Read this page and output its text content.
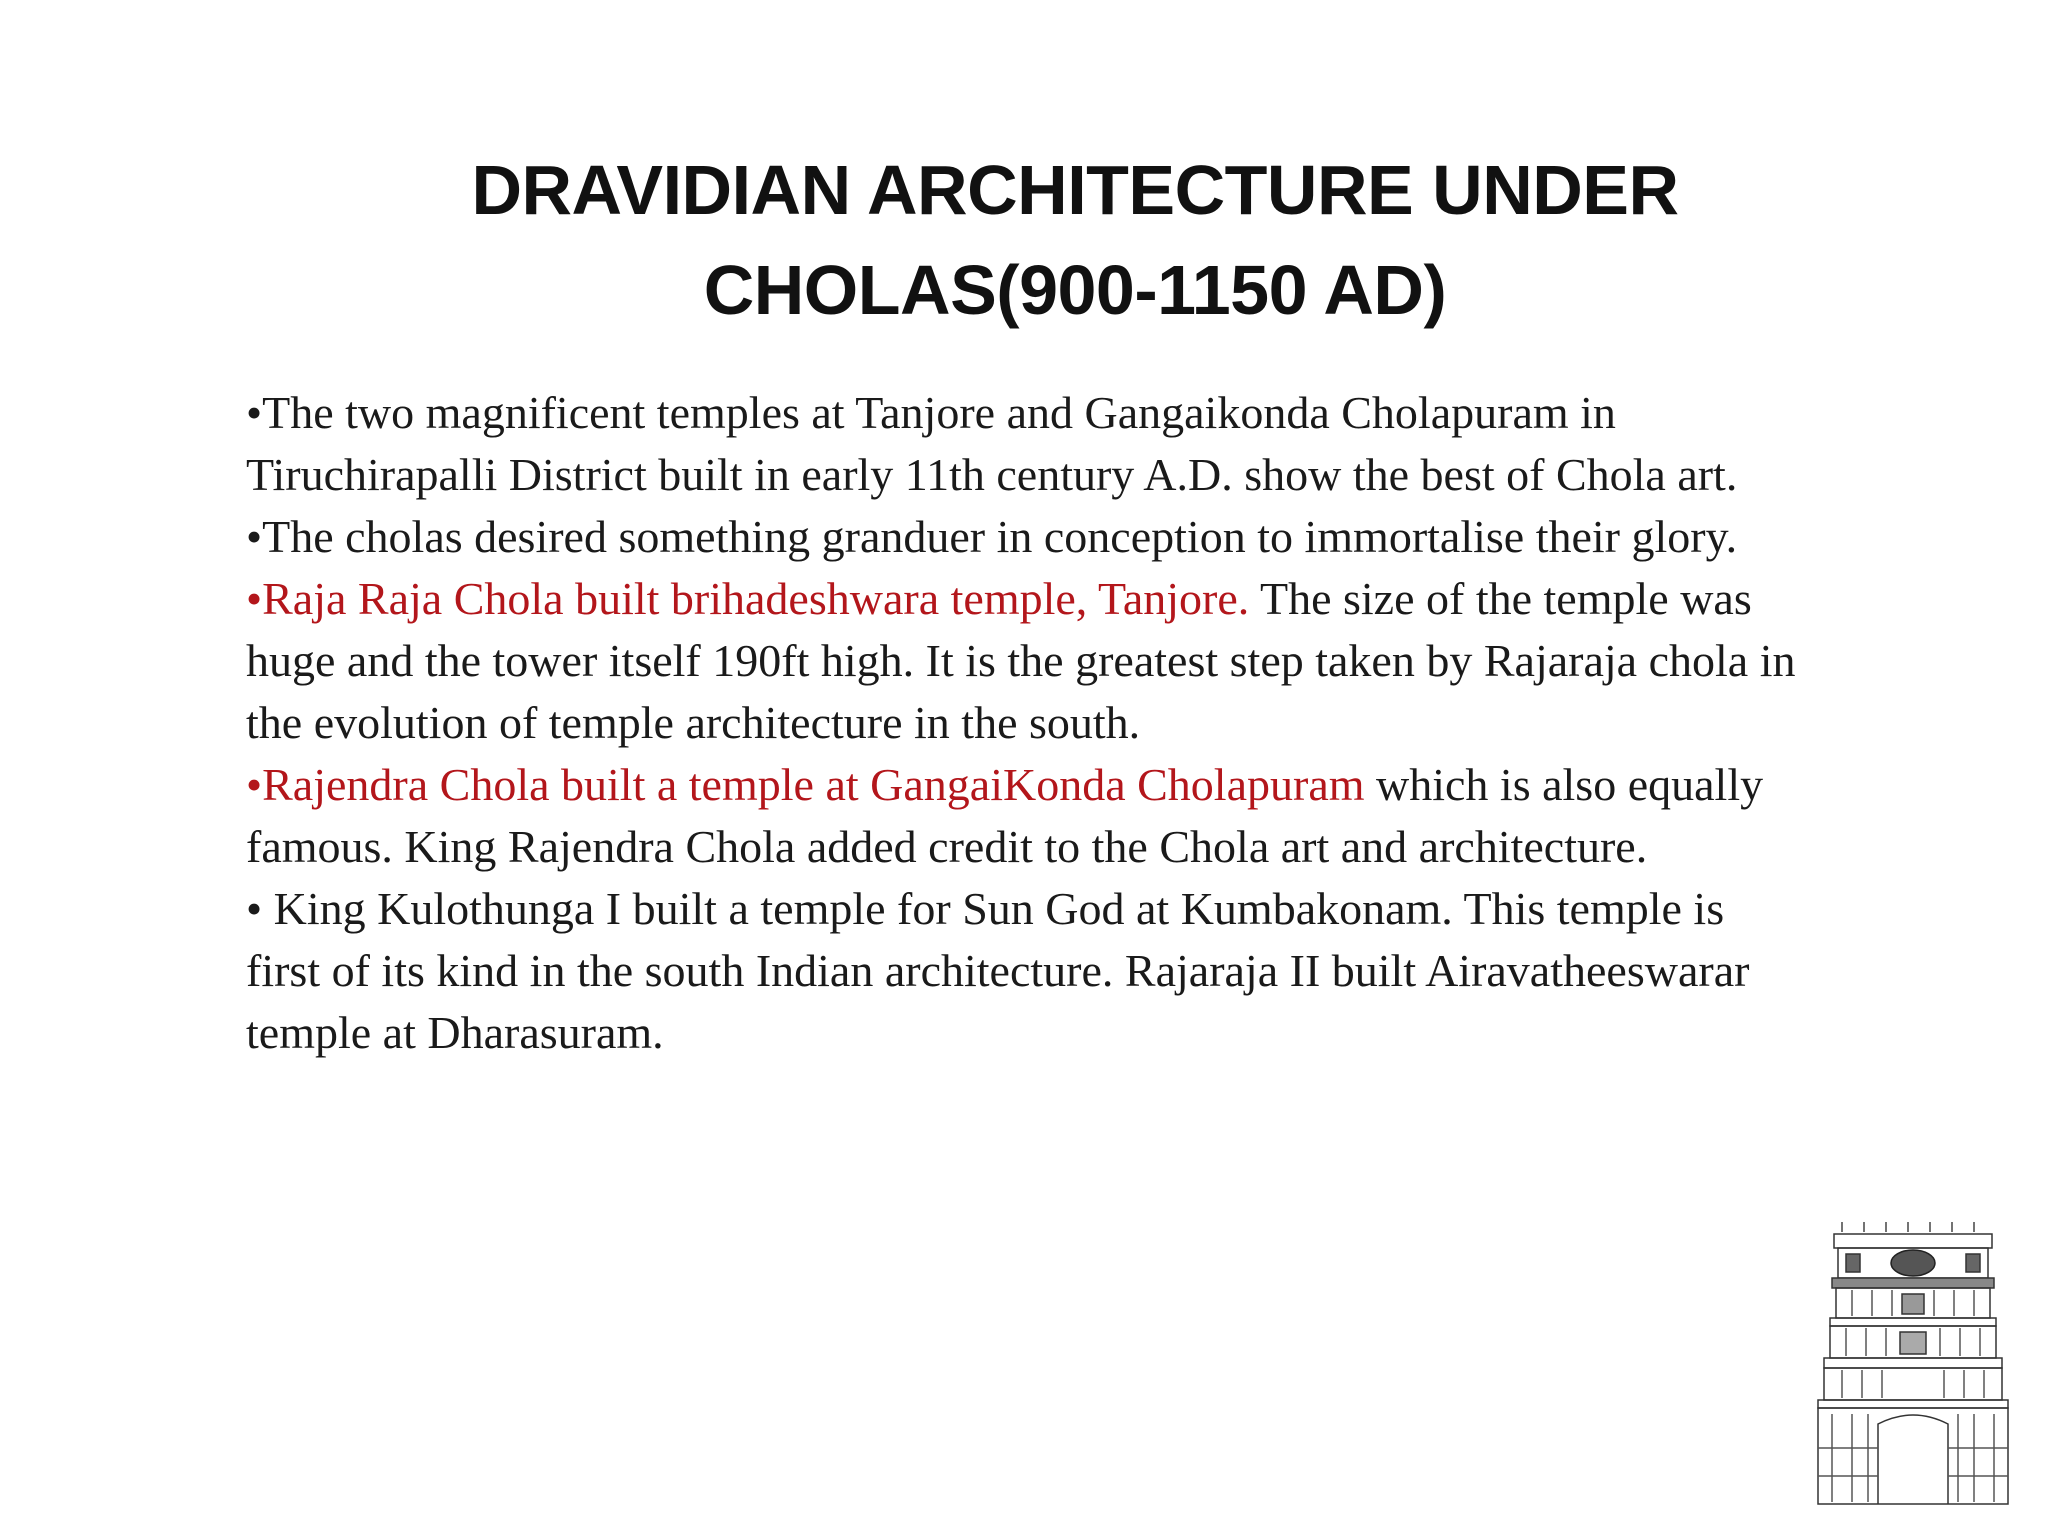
DRAVIDIAN ARCHITECTURE UNDER
CHOLAS(900-1150 AD)

•The two magnificent temples at Tanjore and Gangaikonda Cholapuram in Tiruchirapalli District built in early 11th century A.D. show the best of Chola art.

•The cholas desired something granduer in conception to immortalise their glory.

•Raja Raja Chola built brihadeshwara temple, Tanjore. The size of the temple was huge and the tower itself 190ft high. It is the greatest step taken by Rajaraja chola in the evolution of temple architecture in the south.

•Rajendra Chola built a temple at GangaiKonda Cholapuram which is also equally famous. King Rajendra Chola added credit to the Chola art and architecture.

• King Kulothunga I built a temple for Sun God at Kumbakonam. This temple is first of its kind in the south Indian architecture. Rajaraja II built Airavatheeswarar temple at Dharasuram.
